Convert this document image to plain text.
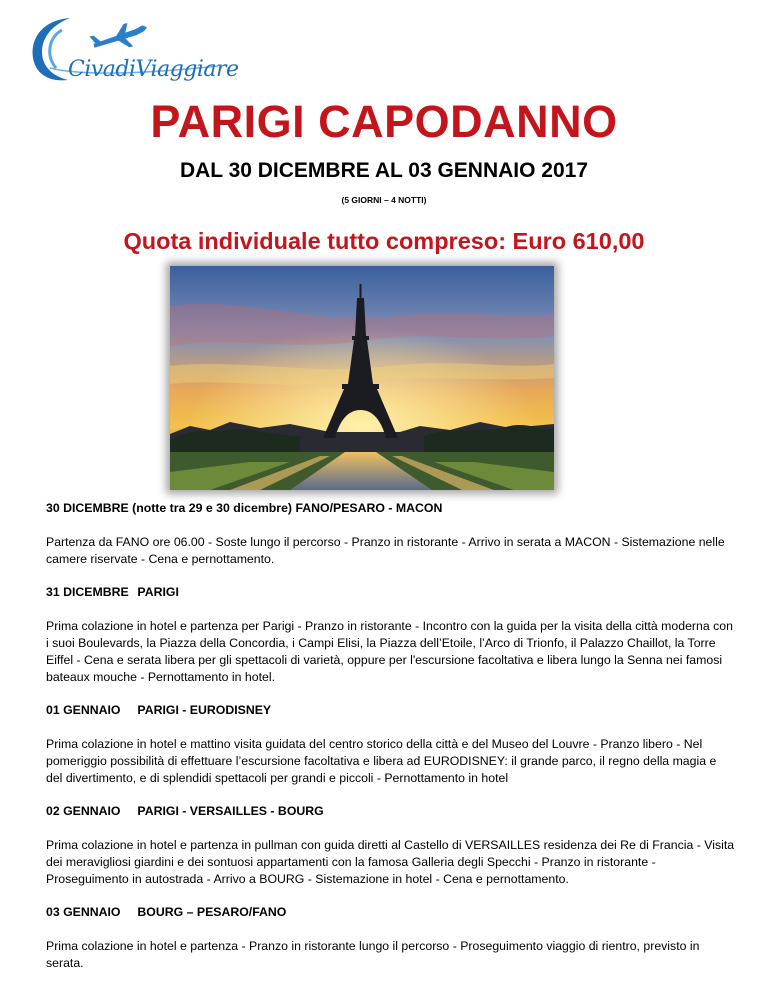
CivadiViaggiare
PARIGI CAPODANNO
DAL 30 DICEMBRE AL 03 GENNAIO 2017
(5 GIORNI – 4 NOTTI)
Quota individuale tutto compreso: Euro 610,00
30 DICEMBRE (notte tra 29 e 30 dicembre) FANO/PESARO - MACON

Partenza da FANO ore 06.00 - Soste lungo il percorso - Pranzo in ristorante - Arrivo in serata a MACON - Sistemazione nelle camere riservate - Cena e pernottamento.

31 DICEMBRE PARIGI

Prima colazione in hotel e partenza per Parigi - Pranzo in ristorante - Incontro con la guida per la visita della città moderna con i suoi Boulevards, la Piazza della Concordia, i Campi Elisi, la Piazza dell’Etoile, l’Arco di Trionfo, il Palazzo Chaillot, la Torre Eiffel - Cena e serata libera per gli spettacoli di varietà, oppure per l'escursione facoltativa e libera lungo la Senna nei famosi bateaux mouche - Pernottamento in hotel.

01 GENNAIO PARIGI - EURODISNEY

Prima colazione in hotel e mattino visita guidata del centro storico della città e del Museo del Louvre - Pranzo libero - Nel pomeriggio possibilità di effettuare l’escursione facoltativa e libera ad EURODISNEY: il grande parco, il regno della magia e del divertimento, e di splendidi spettacoli per grandi e piccoli - Pernottamento in hotel

02 GENNAIO PARIGI - VERSAILLES - BOURG

Prima colazione in hotel e partenza in pullman con guida diretti al Castello di VERSAILLES residenza dei Re di Francia - Visita dei meravigliosi giardini e dei sontuosi appartamenti con la famosa Galleria degli Specchi - Pranzo in ristorante - Proseguimento in autostrada - Arrivo a BOURG - Sistemazione in hotel - Cena e pernottamento.

03 GENNAIO BOURG – PESARO/FANO

Prima colazione in hotel e partenza - Pranzo in ristorante lungo il percorso - Proseguimento viaggio di rientro, previsto in serata.
